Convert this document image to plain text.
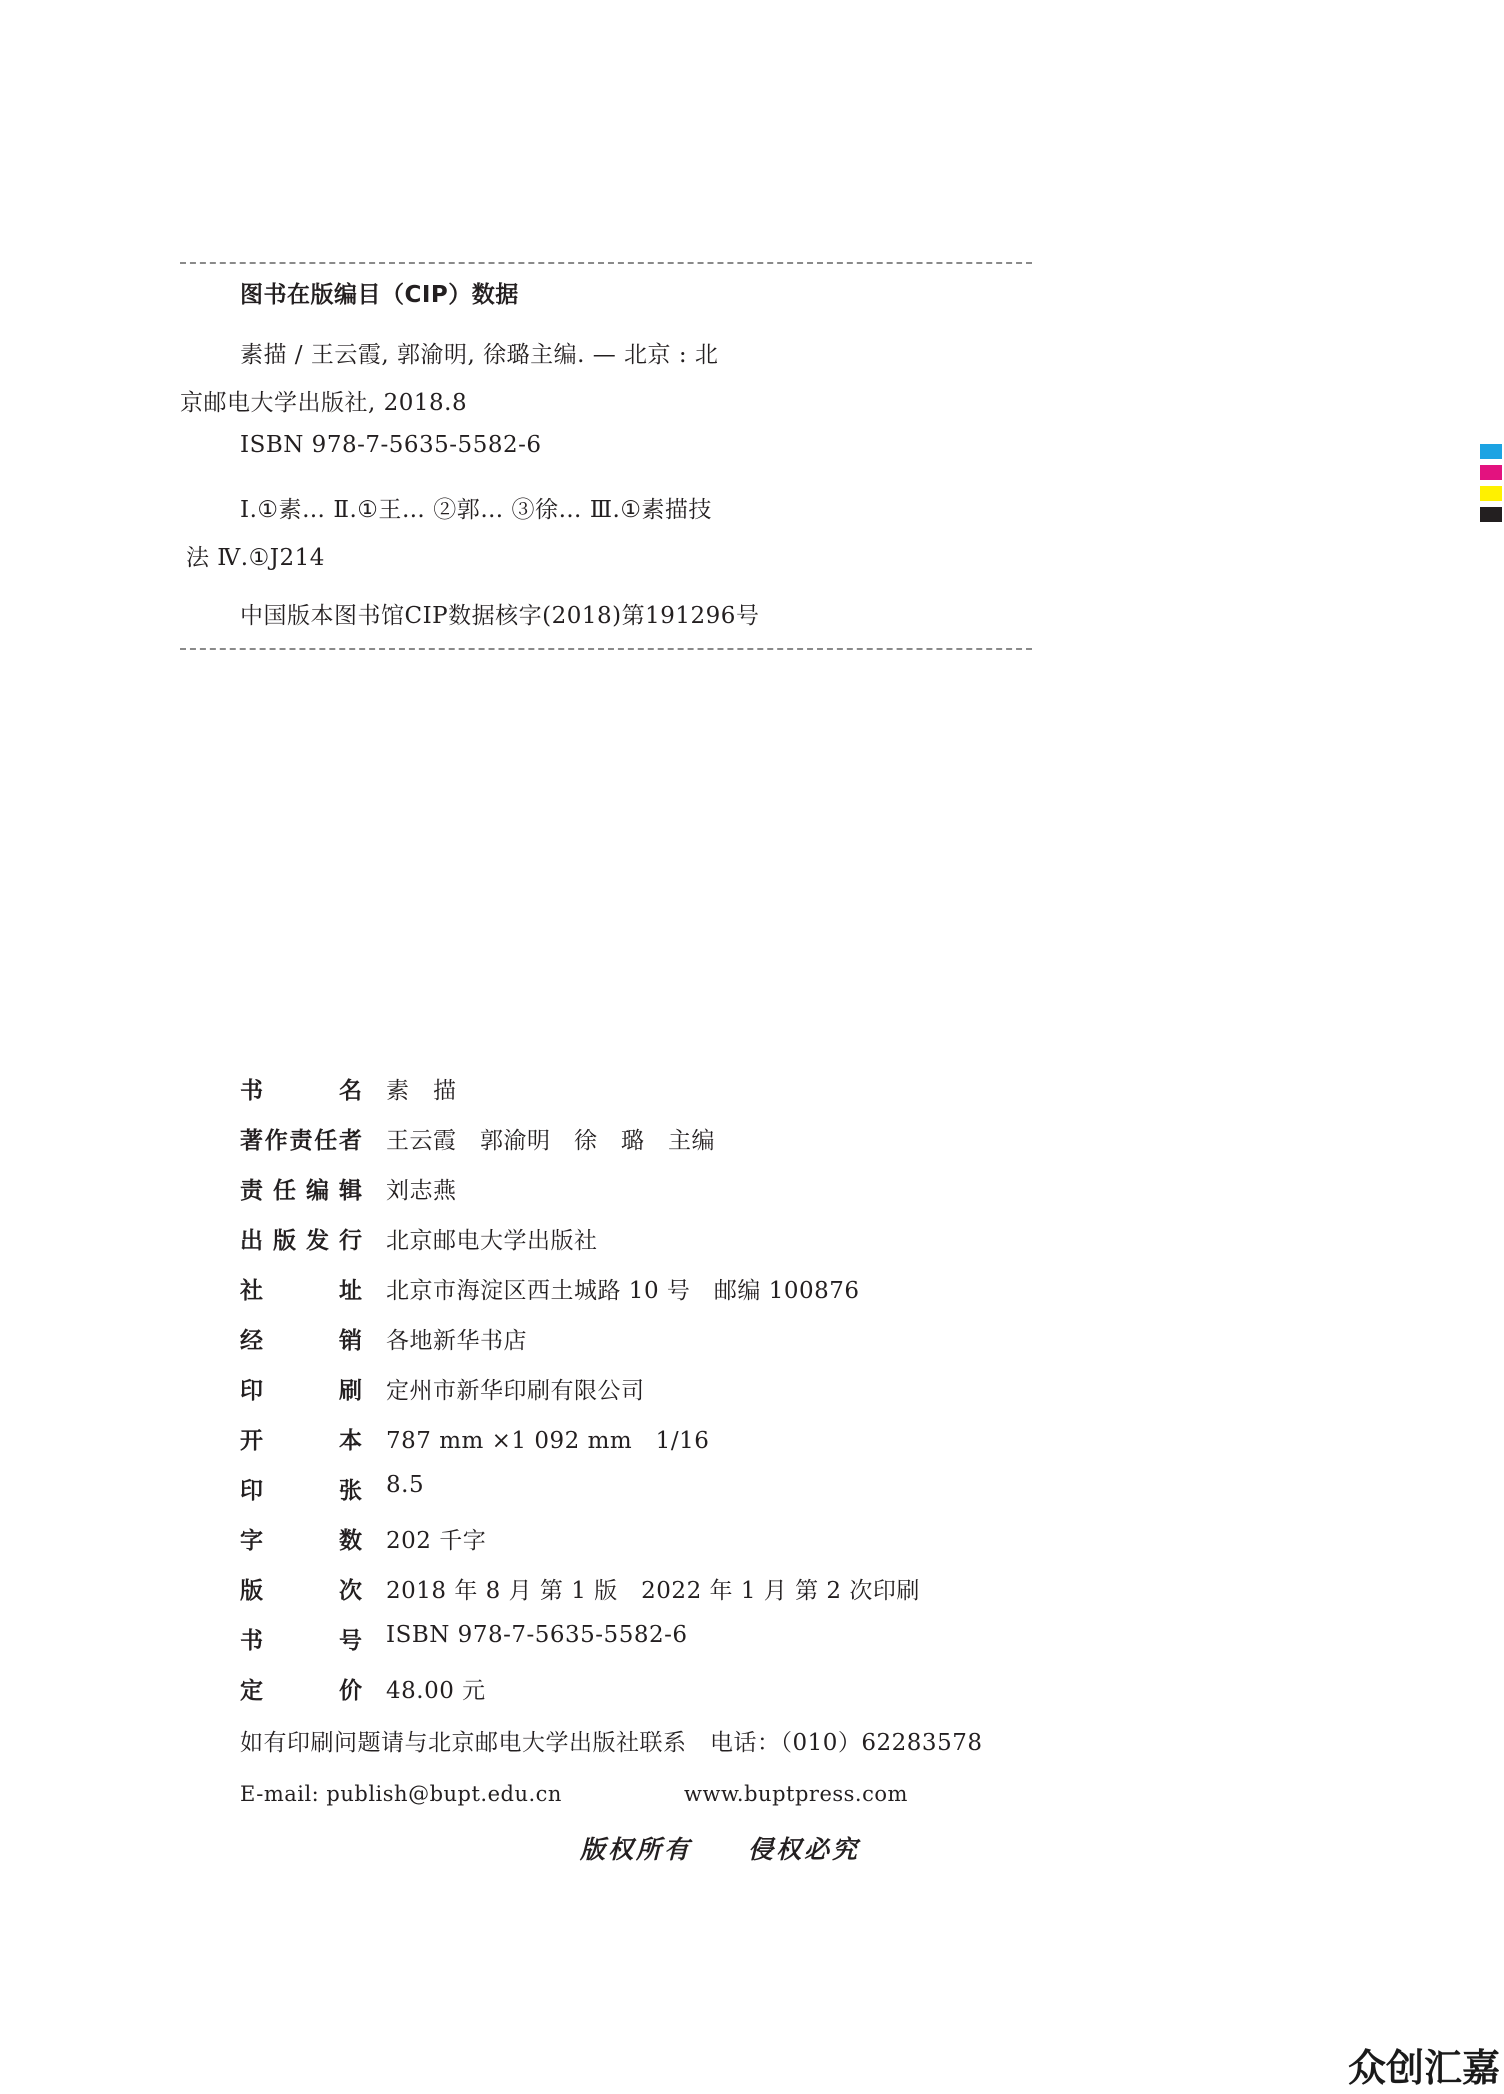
图书在版编目（CIP）数据
素描 / 王云霞, 郭渝明, 徐璐主编. — 北京 : 北
京邮电大学出版社, 2018.8
ISBN 978-7-5635-5582-6
Ⅰ.①素… Ⅱ.①王… ②郭… ③徐… Ⅲ.①素描技
法 Ⅳ.①J214
中国版本图书馆CIP数据核字(2018)第191296号
书名 素　描
著作责任者 王云霞　郭渝明　徐　璐　主编
责任编辑 刘志燕
出版发行 北京邮电大学出版社
社址 北京市海淀区西土城路 10 号　邮编 100876
经销 各地新华书店
印刷 定州市新华印刷有限公司
开本 787 mm ×1 092 mm　1/16
印张 8.5
字数 202 千字
版次 2018 年 8 月 第 1 版　2022 年 1 月 第 2 次印刷
书号 ISBN 978-7-5635-5582-6
定价 48.00 元
如有印刷问题请与北京邮电大学出版社联系　电话：（010）62283578
E-mail: publish@bupt.edu.cn	www.buptpress.com
版权所有　　侵权必究
众创汇嘉
